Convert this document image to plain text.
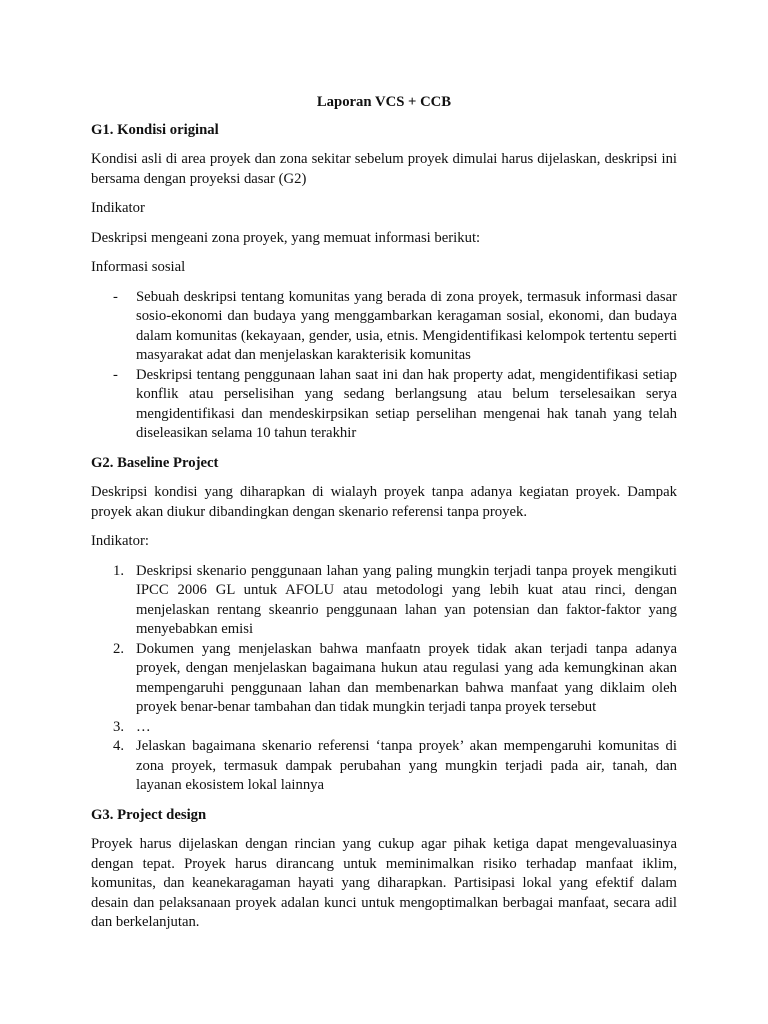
Laporan VCS + CCB
G1. Kondisi original
Kondisi asli di area proyek dan zona sekitar sebelum proyek dimulai harus dijelaskan, deskripsi ini bersama dengan proyeksi dasar (G2)
Indikator
Deskripsi mengeani zona proyek, yang memuat informasi berikut:
Informasi sosial
- Sebuah deskripsi tentang komunitas yang berada di zona proyek, termasuk informasi dasar sosio-ekonomi dan budaya yang menggambarkan keragaman sosial, ekonomi, dan budaya dalam komunitas (kekayaan, gender, usia, etnis. Mengidentifikasi kelompok tertentu seperti masyarakat adat dan menjelaskan karakterisik komunitas
- Deskripsi tentang penggunaan lahan saat ini dan hak property adat, mengidentifikasi setiap konflik atau perselisihan yang sedang berlangsung atau belum terselesaikan serya mengidentifikasi dan mendeskirpsikan setiap perselihan mengenai hak tanah yang telah diseleasikan selama 10 tahun terakhir
G2. Baseline Project
Deskripsi kondisi yang diharapkan di wialayh proyek tanpa adanya kegiatan proyek. Dampak proyek akan diukur dibandingkan dengan skenario referensi tanpa proyek.
Indikator:
1. Deskripsi skenario penggunaan lahan yang paling mungkin terjadi tanpa proyek mengikuti IPCC 2006 GL untuk AFOLU atau metodologi yang lebih kuat atau rinci, dengan menjelaskan rentang skeanrio penggunaan lahan yan potensian dan faktor-faktor yang menyebabkan emisi
2. Dokumen yang menjelaskan bahwa manfaatn proyek tidak akan terjadi tanpa adanya proyek, dengan menjelaskan bagaimana hukun atau regulasi yang ada kemungkinan akan mempengaruhi penggunaan lahan dan membenarkan bahwa manfaat yang diklaim oleh proyek benar-benar tambahan dan tidak mungkin terjadi tanpa proyek tersebut
3. …
4. Jelaskan bagaimana skenario referensi ‘tanpa proyek’ akan mempengaruhi komunitas di zona proyek, termasuk dampak perubahan yang mungkin terjadi pada air, tanah, dan layanan ekosistem lokal lainnya
G3. Project design
Proyek harus dijelaskan dengan rincian yang cukup agar pihak ketiga dapat mengevaluasinya dengan tepat. Proyek harus dirancang untuk meminimalkan risiko terhadap manfaat iklim, komunitas, dan keanekaragaman hayati yang diharapkan. Partisipasi lokal yang efektif dalam desain dan pelaksanaan proyek adalan kunci untuk mengoptimalkan berbagai manfaat, secara adil dan berkelanjutan.
